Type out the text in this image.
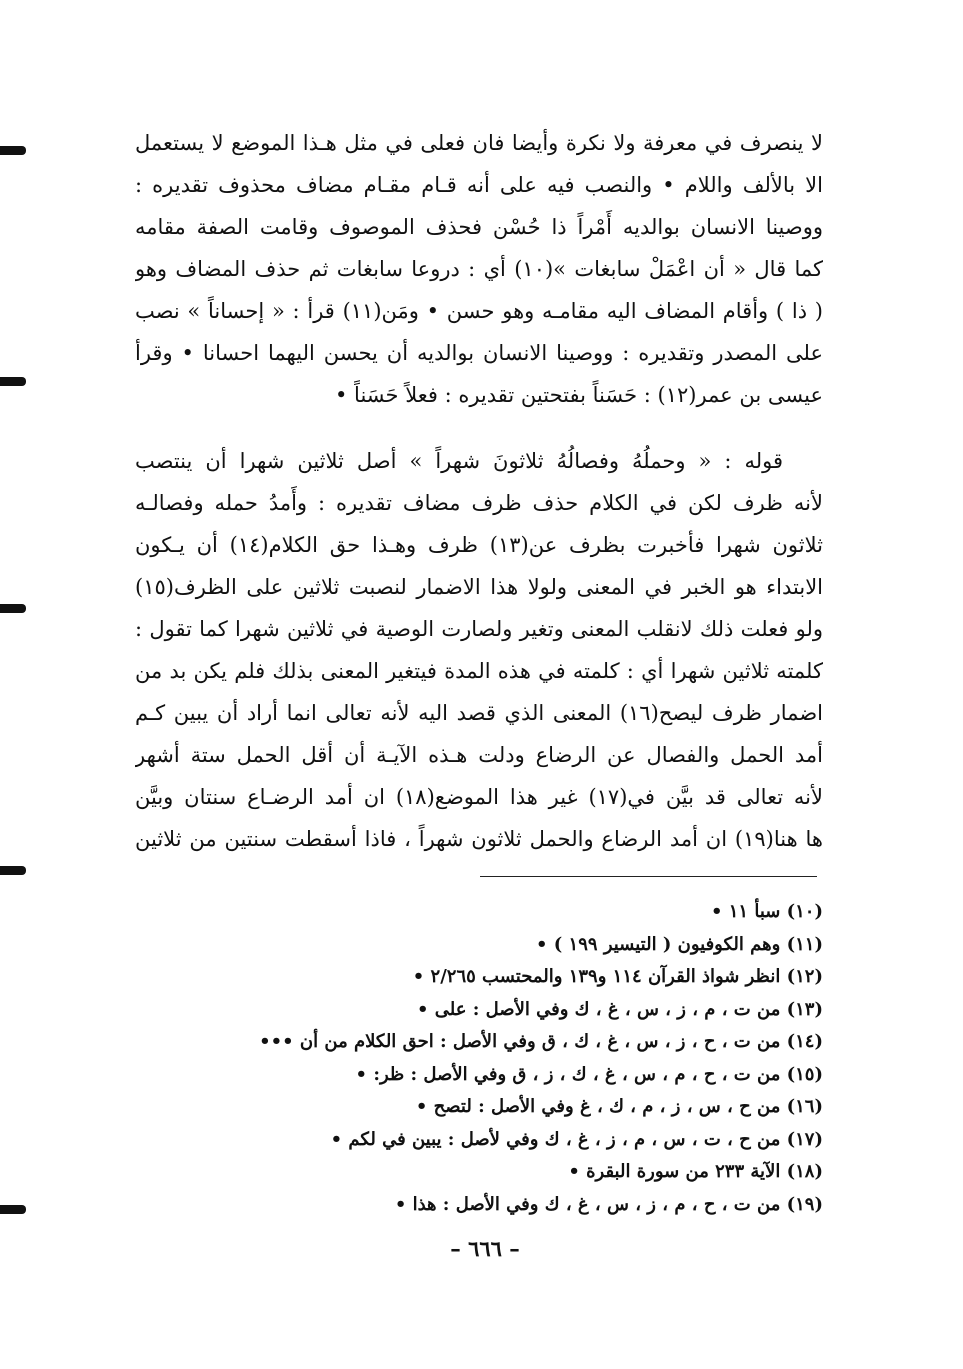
لا ينصرف في معرفة ولا نكرة وأيضا فان فعلى في مثل هـذا الموضع لا يستعمل
الا بالألف واللام • والنصب فيه على أنه قـام مقـام مضاف محذوف تقديره :
ووصينا الانسان بوالديه أَمْراً ذا حُسْن فحذف الموصوف وقامت الصفة مقامه
كما قال « أن اعْمَلْ سابغات »(١٠) أي : دروعا سابغات ثم حذف المضاف وهو
( ذا ) وأقام المضاف اليه مقامـه وهو حسن • ومَن(١١) قرأ : « إحساناً » نصب
على المصدر وتقديره : ووصينا الانسان بوالديه أن يحسن اليهما احسانا • وقرأ
عيسى بن عمر(١٢) : حَسَناً بفتحتين تقديره : فعلاً حَسَناً •
قوله : « وحملُهُ وفصالُهُ ثلاثونَ شهراً » أصل ثلاثين شهرا أن ينتصب
لأنه ظرف لكن في الكلام حذف ظرف مضاف تقديره : وأَمدُ حمله وفصالـه
ثلاثون شهرا فأخبرت بظرف عن(١٣) ظرف وهـذا حق الكلام(١٤) أن يـكون
الابتداء هو الخبر في المعنى ولولا هذا الاضمار لنصبت ثلاثين على الظرف(١٥)
ولو فعلت ذلك لانقلب المعنى وتغير ولصارت الوصية في ثلاثين شهرا كما تقول :
كلمته ثلاثين شهرا أي : كلمته في هذه المدة فيتغير المعنى بذلك فلم يكن بد من
اضمار ظرف ليصح(١٦) المعنى الذي قصد اليه لأنه تعالى انما أراد أن يبين كـم
أمد الحمل والفصال عن الرضاع ودلت هـذه الآيـة أن أقل الحمل ستة أشهر
لأنه تعالى قد بيَّن في(١٧) غير هذا الموضع(١٨) ان أمد الرضـاع سنتان وبيَّن
ها هنا(١٩) ان أمد الرضاع والحمل ثلاثون شهراً ، فاذا أسقطت سنتين من ثلاثين
(١٠) سبأ ١١ •
(١١) وهم الكوفيون ( التيسير ١٩٩ ) •
(١٢) انظر شواذ القرآن ١١٤ و١٣٩ والمحتسب ٢/٢٦٥ •
(١٣) من ت ، م ، ز ، س ، غ ، ك وفي الأصل : على •
(١٤) من ت ، ح ، ز ، س ، غ ، ك ، ق وفي الأصل : احق الكلام من أن •••
(١٥) من ت ، ح ، م ، س ، غ ، ك ، ز ، ق وفي الأصل : ظر: •
(١٦) من ح ، س ، ز ، م ، ك ، غ وفي الأصل : لتصح •
(١٧) من ح ، ت ، س ، م ، ز ، غ ، ك وفي لأصل : يبين في لكم •
(١٨) الآية ٢٣٣ من سورة البقرة •
(١٩) من ت ، ح ، م ، ز ، س ، غ ، ك وفي الأصل : هذا •
– ٦٦٦ –
